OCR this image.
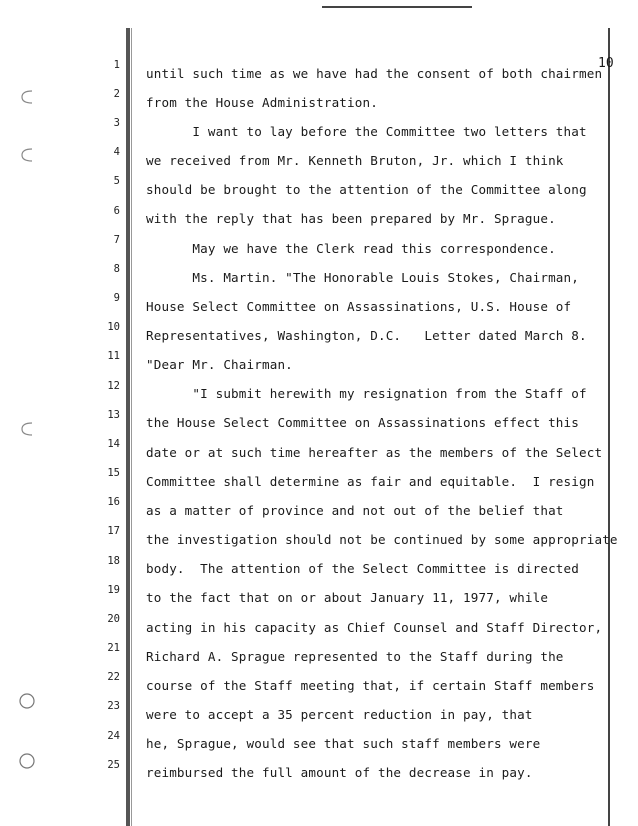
10
1
2
3
4
5
6
7
8
9
10
11
12
13
14
15
16
17
18
19
20
21
22
23
24
25
until such time as we have had the consent of both chairmen
from the House Administration.
I want to lay before the Committee two letters that
we received from Mr. Kenneth Bruton, Jr. which I think
should be brought to the attention of the Committee along
with the reply that has been prepared by Mr. Sprague.
May we have the Clerk read this correspondence.
Ms. Martin. "The Honorable Louis Stokes, Chairman,
House Select Committee on Assassinations, U.S. House of
Representatives, Washington, D.C.   Letter dated March 8.
"Dear Mr. Chairman.
"I submit herewith my resignation from the Staff of
the House Select Committee on Assassinations effect this
date or at such time hereafter as the members of the Select
Committee shall determine as fair and equitable.  I resign
as a matter of province and not out of the belief that
the investigation should not be continued by some appropriate
body.  The attention of the Select Committee is directed
to the fact that on or about January 11, 1977, while
acting in his capacity as Chief Counsel and Staff Director,
Richard A. Sprague represented to the Staff during the
course of the Staff meeting that, if certain Staff members
were to accept a 35 percent reduction in pay, that
he, Sprague, would see that such staff members were
reimbursed the full amount of the decrease in pay.
